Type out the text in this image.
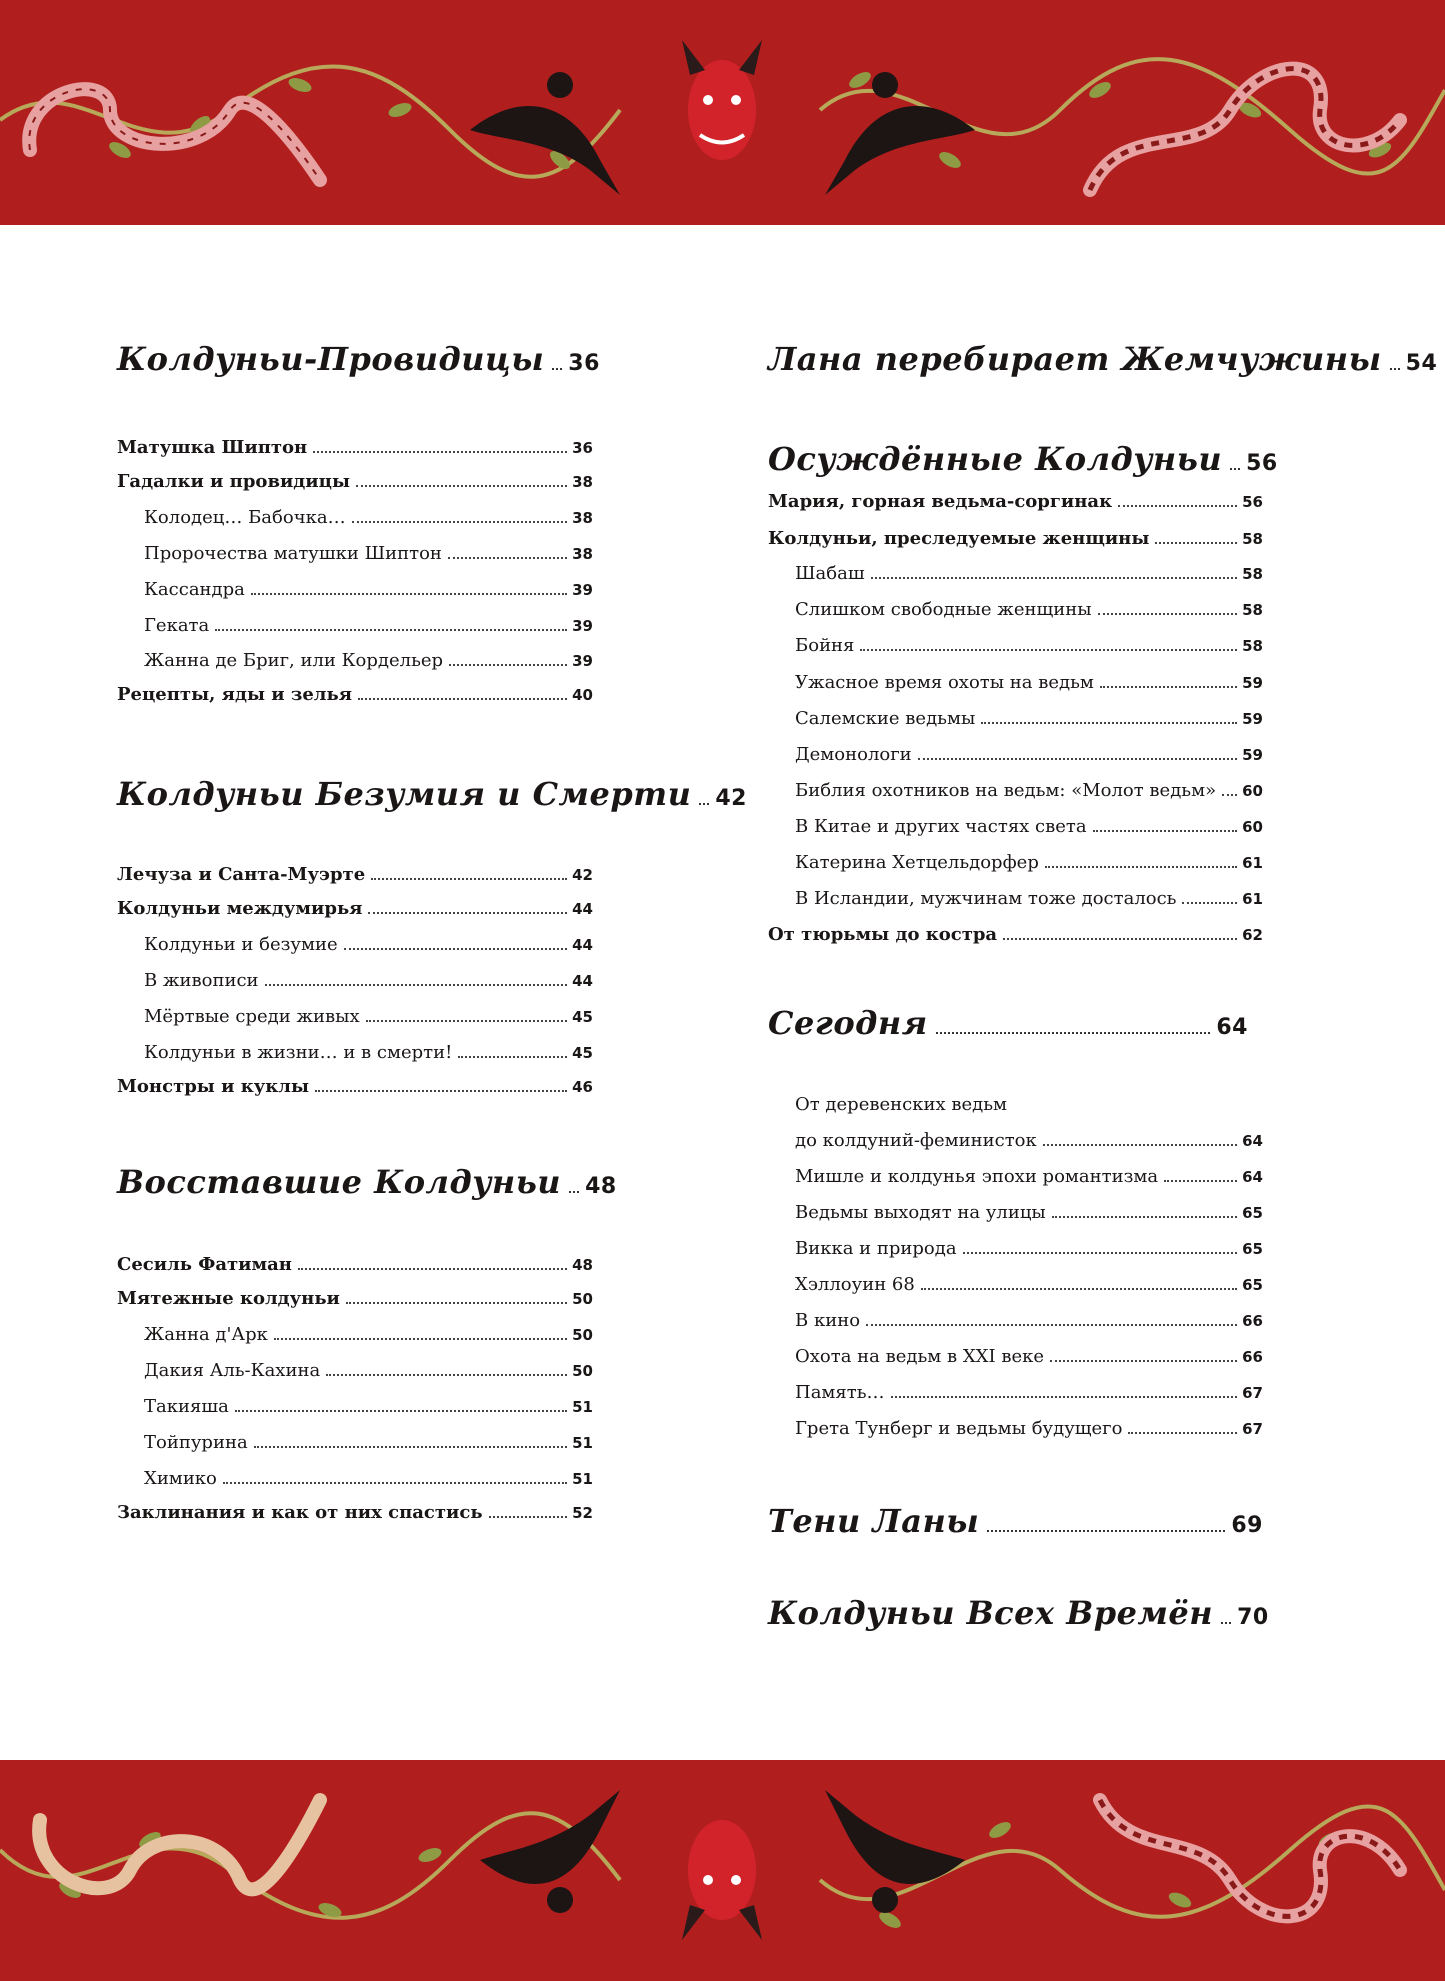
Колдуньи-Провидицы 36
Матушка Шиптон	36
Гадалки и провидицы	38
Колодец… Бабочка…	38
Пророчества матушки Шиптон	38
Кассандра	39
Геката	39
Жанна де Бриг, или Кордельер	39
Рецепты, яды и зелья	40
Колдуньи Безумия и Смерти 42
Лечуза и Санта-Муэрте	42
Колдуньи междумирья	44
Колдуньи и безумие	44
В живописи	44
Мёртвые среди живых	45
Колдуньи в жизни… и в смерти!	45
Монстры и куклы	46
Восставшие Колдуньи 48
Сесиль Фатиман	48
Мятежные колдуньи	50
Жанна д'Арк	50
Дакия Аль-Кахина	50
Такияша	51
Тойпурина	51
Химико	51
Заклинания и как от них спастись	52
Лана перебирает Жемчужины 54
Осуждённые Колдуньи 56
Мария, горная ведьма-соргинак	56
Колдуньи, преследуемые женщины	58
Шабаш	58
Слишком свободные женщины	58
Бойня	58
Ужасное время охоты на ведьм	59
Салемские ведьмы	59
Демонологи	59
Библия охотников на ведьм: «Молот ведьм» 60
В Китае и других частях света	60
Катерина Хетцельдорфер	61
В Исландии, мужчинам тоже досталось	61
От тюрьмы до костра	62
Сегодня	64
От деревенских ведьм
до колдуний-феминисток	64
Мишле и колдунья эпохи романтизма	64
Ведьмы выходят на улицы	65
Викка и природа	65
Хэллоуин 68	65
В кино	66
Охота на ведьм в XXI веке	66
Память…	67
Грета Тунберг и ведьмы будущего	67
Тени Ланы	69
Колдуньи Всех Времён 70
